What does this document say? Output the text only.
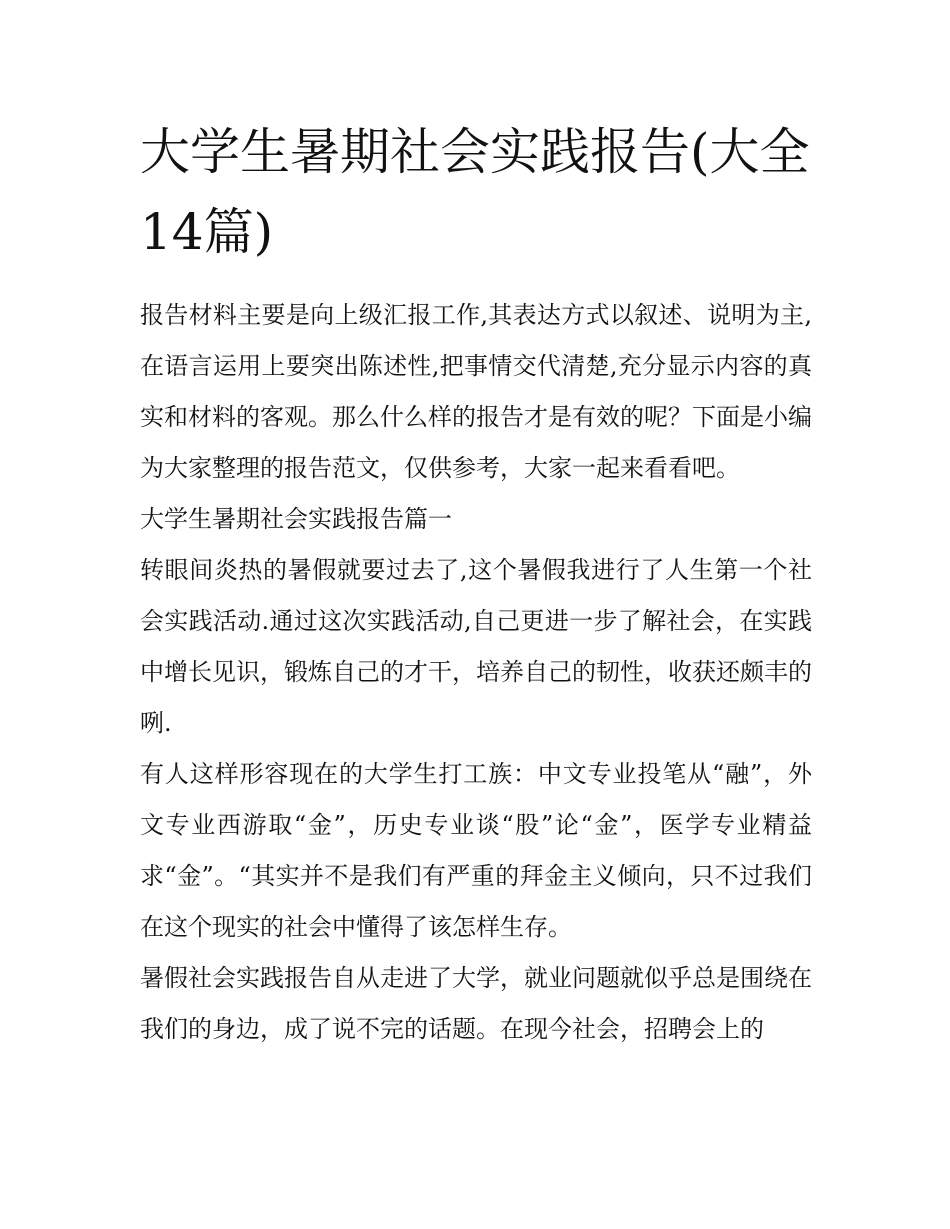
大学生暑期社会实践报告(大全14篇)

报告材料主要是向上级汇报工作,其表达方式以叙述、说明为主,在语言运用上要突出陈述性,把事情交代清楚,充分显示内容的真实和材料的客观。那么什么样的报告才是有效的呢？下面是小编为大家整理的报告范文，仅供参考，大家一起来看看吧。

大学生暑期社会实践报告篇一

转眼间炎热的暑假就要过去了,这个暑假我进行了人生第一个社会实践活动.通过这次实践活动,自己更进一步了解社会，在实践中增长见识，锻炼自己的才干，培养自己的韧性，收获还颇丰的咧.

有人这样形容现在的大学生打工族：中文专业投笔从“融”，外文专业西游取“金”，历史专业谈“股”论“金”，医学专业精益求“金”。“其实并不是我们有严重的拜金主义倾向，只不过我们在这个现实的社会中懂得了该怎样生存。

暑假社会实践报告自从走进了大学，就业问题就似乎总是围绕在我们的身边，成了说不完的话题。在现今社会，招聘会上的
